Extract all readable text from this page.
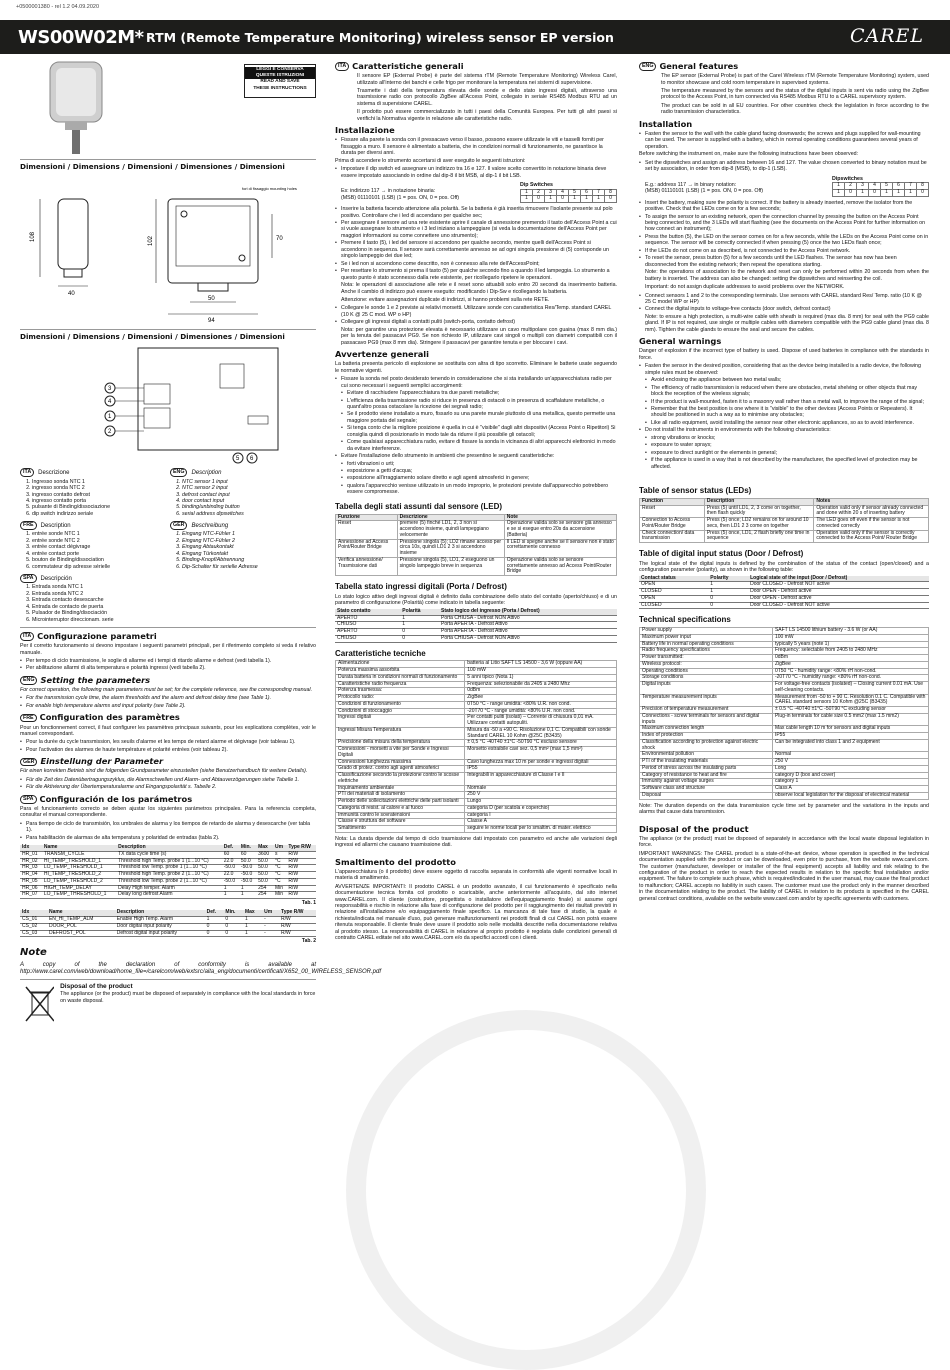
+0500001380 - rel 1.2 04.09.2020
WS00W02M* RTM (Remote Temperature Monitoring) wireless sensor EP version	CAREL
LEGGI E CONSERVA
QUESTE ISTRUZIONI
READ AND SAVE
THESE INSTRUCTIONS
Dimensioni / Dimensions / Dimensioni / Dimensiones / Dimensioni
108
40
102	70
50
94
fori di fissaggio mounting holes
Dimensioni / Dimensions / Dimensioni / Dimensiones / Dimensioni
3
4
1
2
5 6
ITA Descrizione
1. Ingresso sonda NTC 1
2. ingresso sonda NTC 2
3. ingresso contatto defrost
4. ingresso contatto porta
5. pulsante di Binding/dissociazione
6. dip switch indirizzo seriale
ENG Description
1. NTC sensor 1 input
2. NTC sensor 2 input
3. defrost contact input
4. door contact input
5. binding/unbinding button
6. serial address dipswitches
FRE Description
1. entrée sonde NTC 1
2. entrée sonde NTC 2
3. entrée contact dégivrage
4. entrée contact porte
5. bouton de Binding/dissociation
6. commutateur dip adresse sérielle
GER Beschreibung
1. Eingang NTC-Fühler 1
2. Eingang NTC-Fühler 2
3. Eingang Abtaukontakt
4. Eingang Türkontakt
5. Binding-Knopf/Abtrennung
6. Dip-Schalter für serielle Adresse
SPA Descripción
1. Entrada sonda NTC 1
2. Entrada sonda NTC 2
3. Entrada contacto desescarche
4. Entrada de contacto de puerta
5. Pulsador de Binding/disociación
6. Microinterruptor direccionam. serie
ITA Configurazione parametri
Per il corretto funzionamento si devono impostare i seguenti parametri principali, per il riferimento completo si veda il relativo manuale.
• Per tempo di ciclo trasmissione, le soglie di allarme ed i tempi di ritardo allarme e defrost (vedi tabella 1).
• Per abilitazione allarmi di alta temperatura e polarità ingressi (vedi tabella 2).
ENG Setting the parameters
For correct operation, the following main parameters must be set; for the complete reference, see the corresponding manual.
• For the transmission cycle time, the alarm thresholds and the alarm and defrost delay time (see Table 1).
• For enable high temperature alarms and input polarity (see Table 2).
FRE Configuration des paramètres
Pour un fonctionnement correct, il faut configurer les paramètres principaux suivants, pour les explications complètes, voir le manuel correspondant.
• Pour la durée du cycle transmission, les seuils d'alarme et les temps de retard alarme et dégivrage (voir tableau 1).
• Pour l'activation des alarmes de haute température et polarité entrées (voir tableau 2).
GER Einstellung der Parameter
Für einen korrekten Betrieb sind die folgenden Grundparameter einzustellen (siehe Benutzerhandbuch für weitere Details).
• Für die Zeit des Datenübertragungszyklus, die Alarmschwellen und Alarm- und Abtauverzögerungen siehe Tabelle 1.
• Für die Aktivierung der Übertemperaturalarme und Eingangspolarität s. Tabelle 2.
SPA Configuración de los parámetros
Para el funcionamiento correcto se deben ajustar los siguientes parámetros principales. Para la referencia completa, consultar el manual correspondiente.
• Para tiempo de ciclo de transmisión, los umbrales de alarma y los tiempos de retardo de alarma y desescarche (ver tabla 1).
• Para habilitación de alarmas de alta temperatura y polaridad de entradas (tabla 2).
Idx	Name	Description	Def.	Min.	Max	Um	Type R/W
HR_01	TRANSM_CYCLE	TX data cycle time (s)	60	60	3600	s	R/W
HR_02	HI_TEMP_TRESHOLD_1	Threshold high Temp. probe 1 (1...10 °C)	22.0	50.0	50.0	°C	R/W
HR_03	LO_TEMP_TRESHOLD_1	Threshold low Temp. probe 1 (1...10 °C)	-50.0	-50.0	50.0	°C	R/W
HR_04	HI_TEMP_TRESHOLD_2	Threshold high Temp. probe 2 (1...10 °C)	22.0	-50.0	50.0	°C	R/W
HR_05	LO_TEMP_TRESHOLD_2	Threshold low Temp. probe 2 (1...10 °C)	-50.0	-50.0	50.0	°C	R/W
HR_06	HIGH_TEMP_DELAY	Delay High temper. Alarm	1	1	254	Min	R/W
HR_07	LO_TEMP_THRESHOLD_1	Delay long defrost Alarm	1	1	254	Min	R/W
Tab. 1
Idx	Name	Description	Def.	Min.	Max	Um	Type R/W
CS_01	EN_HI_TEMP_ALM	Enable High Temp. Alarm	1	0	1	-	R/W
CS_02	DOOR_POL	Door digital input polarity	0	0	1	-	R/W
CS_03	DEFROST_POL	Defrost digital input polarity	0	0	1	-	R/W
Tab. 2
Note
A copy of the declaration of conformity is available at http://www.carel.com/web/download/home_file=/carelcom/web/extsrc/aita_eng/documenti/certificati/X652_00_WIRELESS_SENSOR.pdf
Disposal of the product
The appliance (or the product) must be disposed of separately in compliance with the local standards in force on waste disposal.
ITA Caratteristiche generali
Il sensore EP (External Probe) è parte del sistema rTM (Remote Temperature Monitoring) Wireless Carel, utilizzato all'interno dei banchi e celle frigo per monitorare la temperatura nei sistemi di supervisione.
Trasmette i dati della temperatura rilevata delle sonde e dello stato ingressi digitali, attraverso una trasmissione radio con protocollo ZigBee all'Access Point, collegato in seriale RS485 Modbus RTU ad un sistema di supervisione CAREL.
Il prodotto può essere commercializzato in tutti i paesi della Comunità Europea. Per tutti gli altri paesi si verifichi la Normativa vigente in relazione alle caratteristiche radio.
Installazione
• Fissare alla parete la sonda con il pressacavo verso il basso, possono essere utilizzate le viti e tasselli forniti per fissaggio a muro. Il sensore è alimentato a batteria, che in condizioni normali di funzionamento, ne garantisce la durata per diversi anni.
Prima di accendere lo strumento accertarsi di aver eseguito le seguenti istruzioni:
• Impostare il dip switch ed assegnare un indirizzo tra 16 e 127. Il valore scelto convertito in notazione binaria deve essere impostato associando in ordine dal dip-8 il bit MSB, al dip-1 il bit LSB.
Es: indirizzo 117 → in notazione binaria:
(MSB) 01110101 (LSB) (1 = pos. ON, 0 = pos. Off)
Dip Switches
1	2	3	4	5	6	7	8
1	0	1	0	1	1	1	0
• Inserire la batteria facendo attenzione alla polarità. Se la batteria è già inserita rimuovere l'isolante presente sul polo positivo. Controllare che i led di accendano per qualche sec;
• Per assegnare il sensore ad una rete esistente aprire il canale di annessione premendo il tasto dell'Access Point a cui si vuole assegnare lo strumento e i 3 led iniziano a lampeggiare (si veda la documentazione dell'Access Point per maggiori informazioni su come connettere uno strumento);
• Premere il tasto (5), i led del sensore si accendono per qualche secondo, mentre quelli dell'Access Point si accendono in sequenza. Il sensore sarà correttamente annesso se ad ogni singola pressione di (5) corrisponde un singolo lampeggio dei due led;
• Se i led non si accendono come descritto, non è connesso alla rete dell'AccessPoint;
• Per resettare lo strumento si prema il tasto (5) per qualche secondo fino a quando il led lampeggia. Lo strumento a questo punto è stato sconnesso dalla rete esistente, per ricollegarlo ripetere le operazioni.
Nota: le operazioni di associazione alle rete e il reset sono attuabili solo entro 20 secondi da inserimento batteria. Anche il cambio di indirizzo può essere eseguito: modificando i Dip-Sw e ricollegando la batteria.
Attenzione: evitare assegnazioni duplicate di indirizzi, si hanno problemi sulla rete RETE.
• Collegare le sonde 1 e 2 previste ai relativi morsetti. Utilizzare sonde con caratteristica Res/Temp. standard CAREL (10 K @ 25 C mod. WP o HP)
• Collegare gli ingressi digitali a contatti puliti (switch-porta, contatto defrost)
Nota: per garantire una protezione elevata è necessario utilizzare un cavo multipolare con guaina (max 8 mm dia.) per la tenuta del passacavi PG9. Se non richiesto IP, utilizzare cavi singoli o multipli con diametri compatibili con il passacavo PG9 (max 8 mm dia). Stringere il passacavi per garantire tenuta e per bloccare i cavi.
Avvertenze generali
La batteria presenta pericolo di esplosione se sostituita con altra di tipo scorretto. Eliminare le batterie usate seguendo le normative vigenti.
• Fissare la sonda nel posto desiderato tenendo in considerazione che si sta installando un'apparecchiatura radio per cui sono necessari i seguenti semplici accorgimenti:
• Evitare di racchiudere l'apparecchiatura tra due pareti metalliche;
• L'efficienza della trasmissione radio si riduce in presenza di ostacoli o in presenza di scaffalature metalliche, o quant'altro possa ostacolare la ricezione dei segnali radio;
• Se il prodotto viene installato a muro, fissarlo su una parete murale piuttosto di una metallica, questo permette una maggiore portata del segnale;
• Si tenga conto che la migliore posizione è quella in cui è "visibile" dagli altri dispositivi (Access Point o Ripetitori) Si consiglia quindi di posizionarlo in modo tale da ridurre il più possibile gli ostacoli;
• Come qualsiasi apparecchiatura radio, evitare di fissare la sonda in vicinanza di altri apparecchi elettronici in modo da evitare interferenze.
• Evitare l'installazione dello strumento in ambienti che presentino le seguenti caratteristiche:
• forti vibrazioni o urti;
• esposizione a getti d'acqua;
• esposizione all'irraggiamento solare diretto e agli agenti atmosferici in genere;
• qualora l'apparecchio venisse utilizzato in un modo improprio, le protezioni previste dall'apparecchio potrebbero essere compromesse.
Tabella degli stati assunti dal sensore (LED)
Funzione	Descrizione	Note
Reset	premere (5) finché LD1, 2, 3 non si accendono insieme, quindi lampeggiano velocemente	Operazione valida solo se sensore già annesso e se si esegue entro 20s da accensione (Batteria)
Annessione ad Access Point/Router Bridge	Pressione singola (5); LD2 rimane acceso per circa 10s, quindi LD1 2 3 si accendono insieme	Il LED si spegne anche se il sensore non è stato correttamente connesso
Verifica annessione/ Trasmissione dati	Pressione singola (5), LD1, 2 eseguono un singolo lampeggio breve in sequenza	Operazione valida solo se sensore correttamente annesso ad Access Point/Router Bridge
Tabella stato ingressi digitali (Porta / Defrost)
Lo stato logico attivo degli ingressi digitali è definito dalla combinazione dello stato del contatto (aperto/chiuso) e di un parametro di configurazione (Polarità) come indicato in tabella seguente:
Stato contatto	Polarità	Stato logico del ingresso (Porta / Defrost)
APERTO	1	Porta CHIUSA - Defrost NON Attivo
CHIUSO	1	Porta APERTA - Defrost Attivo
APERTO	0	Porta APERTA - Defrost Attivo
CHIUSO	0	Porta CHIUSA - Defrost NON Attivo
Caratteristiche tecniche
Alimentazione	batteria al Litio SAFT LS 14500 - 3,6 W (oppure AA)
Potenza massima assorbita	100 mW
Durata batteria in condizioni normali di funzionamento	5 anni tipico (Nota 1)
Caratteristiche radio frequenza	Frequenza: selezionabile da 2405 a 2480 Mhz
Potenza trasmessa:	0dBm
Protocollo radio:	ZigBee
Condizioni di funzionamento	0T50 °C - range umidità: <80% U.R. non cond.
Condizioni di stoccaggio	-20T70 °C - range umidità: <80% U.R. non cond.
Ingressi digitali	Per contatti puliti (isolati) – Corrente di chiusura 0,01 mA. Utilizzare contatti autopuliti.
Ingressi Misura Temperatura	Misura da -50 a +90 C. Risoluzione 0,1 C. Compatibili con sonde Standard CAREL 10 Kohm @25C (B3435)
Precisione della misura della temperatura	± 0,5 °C -40T40 ±1°C -50T90 °C escluso sensore
Connessioni - morsetti a vite per Sonde e Ingressi Digitali	Morsetto estraibile cavi sez. 0,5 mm² (max 1,5 mm²)
Connessioni lunghezza massima	Cavo lunghezza max 10 m per sonde e ingressi digitali
Grado di protez. contro agli agenti atmosferici	IP55
Classificazione secondo la protezione contro le scosse elettriche	Integrabili in apparecchiature di Classe I e II
Inquinamento ambientale	Normale
PTI dei materiali di isolamento	250 V
Periodo delle sollecitazioni elettriche delle parti isolanti	Lungo
Categoria di resist. al calore e al fuoco	categoria D (per scatola e coperchio)
Immunità contro le sovratensioni	categoria I
Classe e struttura del software	Classe A
Smaltimento	seguire le norme locali per lo smaltim. di mater. elettrico
Nota: La durata dipende dal tempo di ciclo trasmissione dati impostato con parametro ed anche alle variazioni degli ingressi ed allarmi che causano trasmissione dati.
Smaltimento del prodotto
L'apparecchiatura (o il prodotto) deve essere oggetto di raccolta separata in conformità alle vigenti normative locali in materia di smaltimento.
AVVERTENZE IMPORTANTI: Il prodotto CAREL è un prodotto avanzato, il cui funzionamento è specificato nella documentazione tecnica fornita col prodotto o scaricabile, anche anteriormente all'acquisto, dal sito internet www.CAREL.com. Il cliente (costruttore, progettista o installatore dell'equipaggiamento finale) si assume ogni responsabilità e rischio in relazione alla fase di configurazione del prodotto per il raggiungimento dei risultati previsti in relazione all'installazione e/o equipaggiamento finale specifico. La mancanza di tale fase di studio, la quale è richiesta/indicata nel manuale d'uso, può generare malfunzionamenti nei prodotti finali di cui CAREL non potrà essere ritenuta responsabile. Il cliente finale deve usare il prodotto solo nelle modalità descritte nella documentazione relativa al prodotto stesso. La responsabilità di CAREL in relazione al proprio prodotto è regolata dalle condizioni generali di contratto CAREL editate nel sito www.CAREL.com e/o da specifici accordi con i clienti.
ENG General features
The EP sensor (External Probe) is part of the Carel Wireless rTM (Remote Temperature Monitoring) system, used to monitor showcase and cold room temperature in supervised systems.
The temperature measured by the sensors and the status of the digital inputs is sent via radio using the ZigBee protocol to the Access Point, in turn connected via RS485 Modbus RTU to a CAREL supervisory system.
The product can be sold in all EU countries. For other countries check the legislation in force according to the radio transmission characteristics.
Installation
• Fasten the sensor to the wall with the cable gland facing downwards; the screws and plugs supplied for wall-mounting can be used. The sensor is supplied with a battery, which in normal operating conditions guarantees several years of operation.
Before switching the instrument on, make sure the following instructions have been observed:
• Set the dipswitches and assign an address between 16 and 127. The value chosen converted to binary notation must be set by association, in order from dip-8 (MSB), to dip-1 (LSB).
E.g.: address 117 → in binary notation:
(MSB) 01110101 (LSB) (1 = pos. ON, 0 = pos. Off)
Dipswitches
1	2	3	4	5	6	7	8
1	0	1	0	1	1	1	0
• Insert the battery, making sure the polarity is correct. If the battery is already inserted, remove the isolator from the positive. Check that the LEDs come on for a few seconds;
• To assign the sensor to an existing network, open the connection channel by pressing the button on the Access Point being connected to, and the 3 LEDs will start flashing (see the documents on the Access Point for further information on how connect an instrument);
• Press the button (5), the LED on the sensor comes on for a few seconds, while the LEDs on the Access Point come on in sequence. The sensor will be correctly connected if when pressing (5) once the two LEDs flash once;
• If the LEDs do not come on as described, is not connected to the Access Point network.
• To reset the sensor, press button (5) for a few seconds until the LED flashes. The sensor has now has been disconnected from the existing network; then repeat the operations starting.
Note: the operations of association to the network and reset can only be performed within 20 seconds from when the battery is inserted. The address can also be changed: setting the dipswitches and reinserting the coil.
Important: do not assign duplicate addresses to avoid problems over the NETWORK.
• Connect sensors 1 and 2 to the corresponding terminals. Use sensors with CAREL standard Res/ Temp. ratio (10 K @ 25 C model WP or HP)
• Connect the digital inputs to voltage-free contacts (door switch, defrost contact)
Note: to ensure a high protection, a multi-wire cable with sheath is required (max dia. 8 mm) for seal with the PG9 cable gland. If IP is not required, use single or multiple cables with diameters compatible with the PG9 cable gland (max dia. 8 mm). Tighten the cable glands to ensure the seal and secure the cables.
General warnings
Danger of explosion if the incorrect type of battery is used. Dispose of used batteries in compliance with the standards in force.
• Fasten the sensor in the desired position, considering that as the device being installed is a radio device, the following simple rules must be observed:
• Avoid enclosing the appliance between two metal walls;
• The efficiency of radio transmission is reduced when there are obstacles, metal shelving or other objects that may block the reception of the wireless signals;
• If the product is wall-mounted, fasten it to a masonry wall rather than a metal wall, to improve the range of the signal;
• Remember that the best position is one where it is "visible" to the other devices (Access Points or Repeaters). It should be positioned in such a way as to minimise any obstacles;
• Like all radio equipment, avoid installing the sensor near other electronic appliances, so as to avoid interference.
• Do not install the instruments in environments with the following characteristics:
• strong vibrations or knocks;
• exposure to water sprays;
• exposure to direct sunlight or the elements in general;
• if the appliance is used in a way that is not described by the manufacturer, the specified level of protection may be affected.
Table of sensor status (LEDs)
Function	Description	Notes
Reset	Press (5) until LD1, 2, 3 come on together, then flash quickly	Operation valid only if sensor already connected and done within 20 s of inserting battery
Connection to Access Point/Router Bridge	Press (5) once; LD2 remains on for around 10 secs, then LD1 2 3 come on together	The LED goes off even if the sensor is not connected correctly
Check connection/ data transmission	Press (5) once, LD1, 2 flash briefly one time in sequence	Operation valid only if the sensor is correctly connected to the Access Point/ Router Bridge
Table of digital input status (Door / Defrost)
The logical state of the digital inputs is defined by the combination of the status of the contact (open/closed) and a configuration parameter (polarity), as shown in the following table:
Contact status	Polarity	Logical state of the input (Door / Defrost)
OPEN	1	Door CLOSED - Defrost NOT active
CLOSED	1	Door OPEN - Defrost active
OPEN	0	Door OPEN - Defrost active
CLOSED	0	Door CLOSED - Defrost NOT active
Technical specifications
Power supply	SAFT LS 14500 lithium battery - 3.6 W (or AA)
Maximum power input	100 mW
Battery life in normal operating conditions	typically 5 years (note 1)
Radio frequency specifications	Frequency: selectable from 2405 to 2480 MHz
Power transmitted:	0dBm
Wireless protocol:	ZigBee
Operating conditions	0T50 °C - humidity range: <80% rH non-cond.
Storage conditions	-20T70 °C - humidity range: <80% rH non-cond.
Digital inputs	For voltage-free contacts (isolated) – Closing current 0.01 mA. Use self-cleaning contacts.
Temperature measurement inputs	Measurement from -50 to + 90 C. Resolution 0.1 C. Compatible with CAREL standard sensors 10 Kohm @25C (B3435)
Precision of temperature measurement	± 0.5 °C -40T40 ±1°C -50T90 °C excluding sensor
Connections - screw terminals for sensors and digital inputs	Plug-in terminals for cable size 0.5 mm2 (max 1.5 mm2)
Maximum connection length	Max cable length 10 m for sensors and digital inputs
Index of protection	IP55
Classification according to protection against electric shock	Can be integrated into class 1 and 2 equipment
Environmental pollution	Normal
PTI of the insulating materials	250 V
Period of stress across the insulating parts	Long
Category of resistance to heat and fire	category D (box and cover)
Immunity against voltage surges	category 1
Software class and structure	Class A
Disposal	observe local legislation for the disposal of electrical material
Note: The duration depends on the data transmission cycle time set by parameter and the variations in the inputs and alarms that cause data transmission.
Disposal of the product
The appliance (or the product) must be disposed of separately in accordance with the local waste disposal legislation in force.
IMPORTANT WARNINGS: The CAREL product is a state-of-the-art device, whose operation is specified in the technical documentation supplied with the product or can be downloaded, even prior to purchase, from the website www.carel.com. The customer (manufacturer, developer or installer of the final equipment) accepts all liability and risk relating to the configuration of the product in order to reach the expected results in relation to the specific final installation and/or equipment. The failure to complete such phase, which is required/indicated in the user manual, may cause the final product to malfunction; CAREL accepts no liability in such cases. The customer must use the product only in the manner described in the documentation relating to the product. The liability of CAREL in relation to its products is specified in the CAREL general contract conditions, available on the website www.carel.com and/or by specific agreements with customers.
